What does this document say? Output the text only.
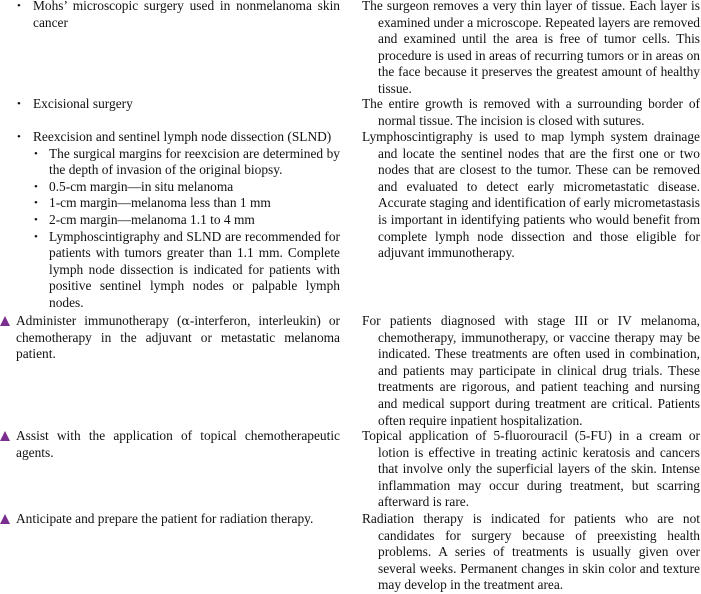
• Mohs’ microscopic surgery used in nonmelanoma skin cancer

The surgeon removes a very thin layer of tissue. Each layer is examined under a microscope. Repeated layers are removed and examined until the area is free of tumor cells. This procedure is used in areas of recurring tumors or in areas on the face because it preserves the greatest amount of healthy tissue.

• Excisional surgery	The entire growth is removed with a surrounding border of normal tissue. The incision is closed with sutures.

• Reexcision and sentinel lymph node dissection (SLND)
• The surgical margins for reexcision are determined by the depth of invasion of the original biopsy.
• 0.5-cm margin—in situ melanoma
• 1-cm margin—melanoma less than 1 mm
• 2-cm margin—melanoma 1.1 to 4 mm
• Lymphoscintigraphy and SLND are recommended for patients with tumors greater than 1.1 mm. Complete lymph node dissection is indicated for patients with positive sentinel lymph nodes or palpable lymph nodes.

Lymphoscintigraphy is used to map lymph system drainage and locate the sentinel nodes that are the first one or two nodes that are closest to the tumor. These can be removed and evaluated to detect early micrometastatic disease. Accurate staging and identification of early micrometastasis is important in identifying patients who would benefit from complete lymph node dissection and those eligible for adjuvant immunotherapy.

Administer immunotherapy (α-interferon, interleukin) or chemotherapy in the adjuvant or metastatic melanoma patient.

For patients diagnosed with stage III or IV melanoma, chemotherapy, immunotherapy, or vaccine therapy may be indicated. These treatments are often used in combination, and patients may participate in clinical drug trials. These treatments are rigorous, and patient teaching and nursing and medical support during treatment are critical. Patients often require inpatient hospitalization.

Assist with the application of topical chemotherapeutic agents.

Topical application of 5-fluorouracil (5-FU) in a cream or lotion is effective in treating actinic keratosis and cancers that involve only the superficial layers of the skin. Intense inflammation may occur during treatment, but scarring afterward is rare.

Anticipate and prepare the patient for radiation therapy.	Radiation therapy is indicated for patients who are not candidates for surgery because of preexisting health problems. A series of treatments is usually given over several weeks. Permanent changes in skin color and texture may develop in the treatment area.
